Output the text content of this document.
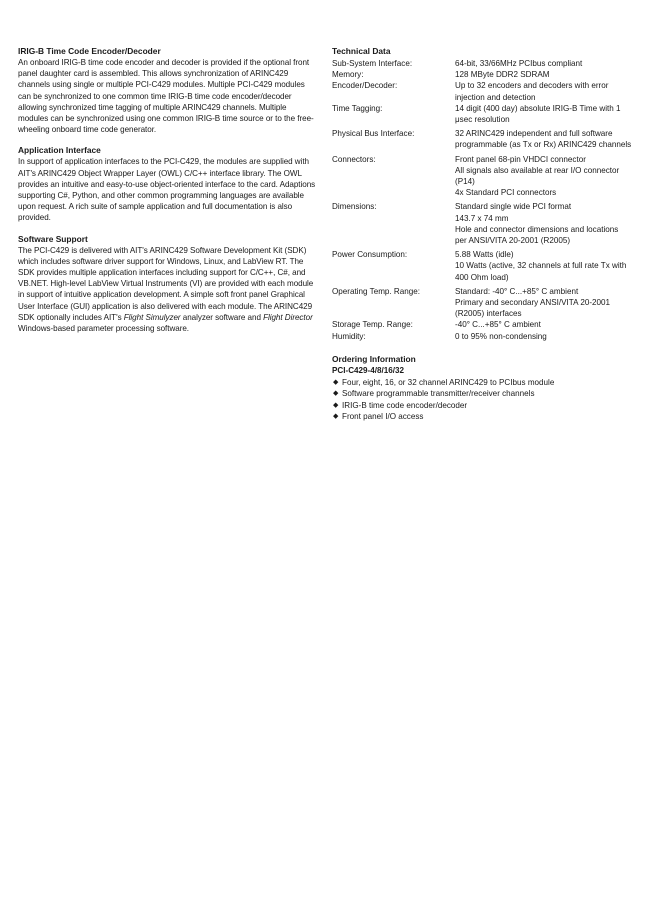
IRIG-B Time Code Encoder/Decoder

An onboard IRIG-B time code encoder and decoder is provided if the optional front panel daughter card is assembled. This allows synchronization of ARINC429 channels using single or multiple PCI-C429 modules. Multiple PCI-C429 modules can be synchronized to one common time IRIG-B time code encoder/decoder allowing synchronized time tagging of multiple ARINC429 channels. Multiple modules can be synchronized using one common IRIG-B time source or to the free-wheeling onboard time code generator.

Application Interface

In support of application interfaces to the PCI-C429, the modules are supplied with AIT's ARINC429 Object Wrapper Layer (OWL) C/C++ interface library. The OWL provides an intuitive and easy-to-use object-oriented interface to the card. Adaptions supporting C#, Python, and other common programming languages are available upon request. A rich suite of sample application and full documentation is also provided.

Software Support

The PCI-C429 is delivered with AIT's ARINC429 Software Development Kit (SDK) which includes software driver support for Windows, Linux, and LabView RT. The SDK provides multiple application interfaces including support for C/C++, C#, and VB.NET. High-level LabView Virtual Instruments (VI) are provided with each module in support of intuitive application development. A simple soft front panel Graphical User Interface (GUI) application is also delivered with each module. The ARINC429 SDK optionally includes AIT's Flight Simulyzer analyzer software and Flight Director Windows-based parameter processing software.

Technical Data

Sub-System Interface:	64-bit, 33/66MHz PCIbus compliant

Memory:	128 MByte DDR2 SDRAM

Encoder/Decoder:	Up to 32 encoders and decoders with error injection and detection

Time Tagging:	14 digit (400 day) absolute IRIG-B Time with 1 μsec resolution

Physical Bus Interface:	32 ARINC429 independent and full software programmable (as Tx or Rx) ARINC429 channels

Connectors:	Front panel 68-pin VHDCI connector
All signals also available at rear I/O connector (P14)
4x Standard PCI connectors

Dimensions:	Standard single wide PCI format
143.7 x 74 mm
Hole and connector dimensions and locations per ANSI/VITA 20-2001 (R2005)

Power Consumption:	5.88 Watts (idle)
10 Watts (active, 32 channels at full rate Tx with 400 Ohm load)

Operating Temp. Range:	Standard: -40° C...+85° C ambient
Primary and secondary ANSI/VITA 20-2001 (R2005) interfaces

Storage Temp. Range:	-40° C...+85° C ambient

Humidity:	0 to 95% non-condensing
Ordering Information
PCI-C429-4/8/16/32
◆ Four, eight, 16, or 32 channel ARINC429 to PCIbus module
◆ Software programmable transmitter/receiver channels
◆ IRIG-B time code encoder/decoder
◆ Front panel I/O access
